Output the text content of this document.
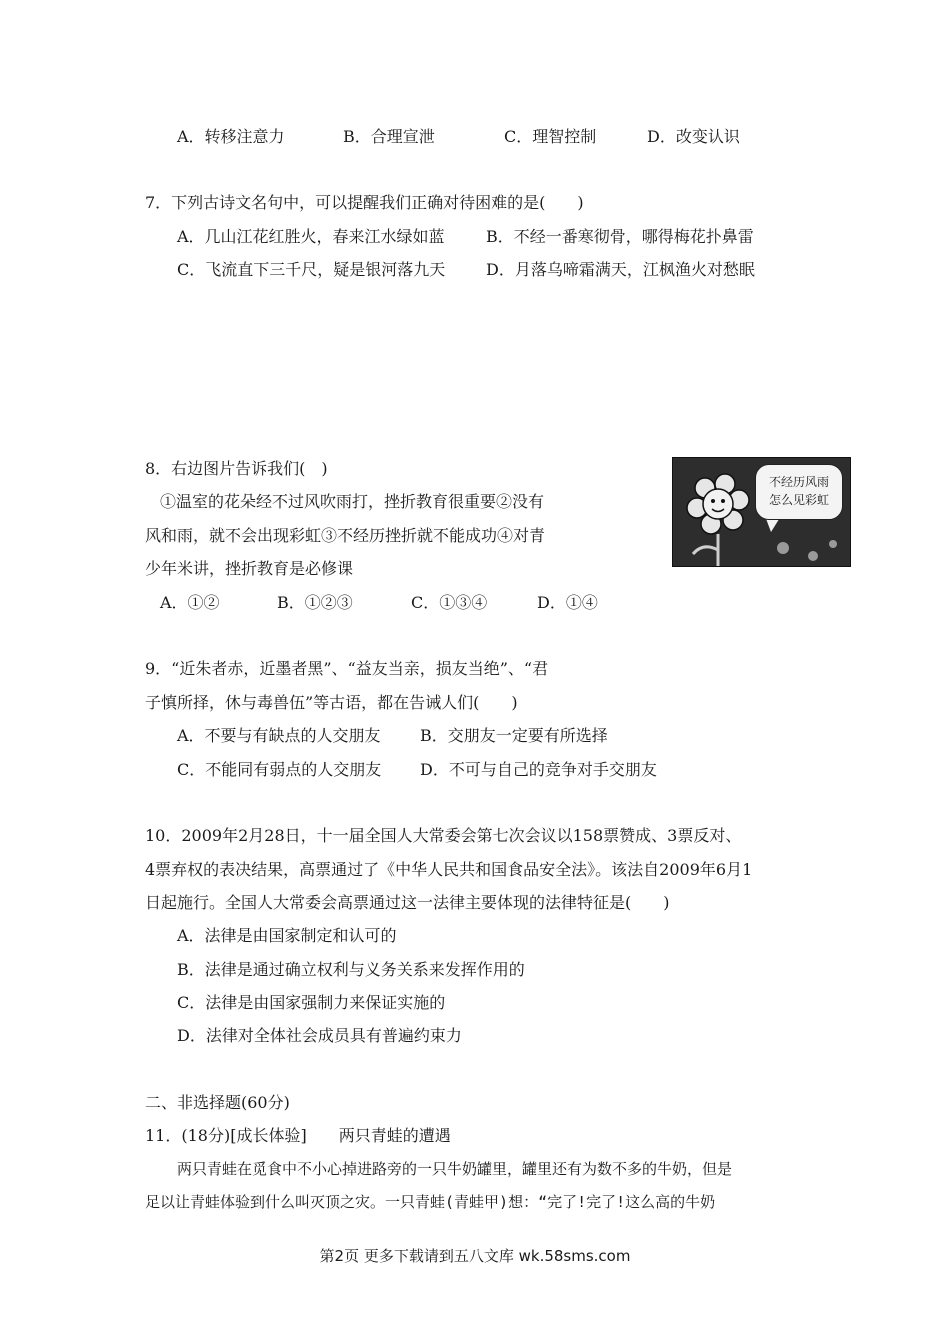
A．转移注意力	B．合理宣泄	C．理智控制	D．改变认识
7．下列古诗文名句中，可以提醒我们正确对待困难的是(　　)
A．几山江花红胜火，春来江水绿如蓝	B．不经一番寒彻骨，哪得梅花扑鼻雷
C．飞流直下三千尺，疑是银河落九天	D．月落乌啼霜满天，江枫渔火对愁眠
8．右边图片告诉我们(　)
①温室的花朵经不过风吹雨打，挫折教育很重要②没有
风和雨，就不会出现彩虹③不经历挫折就不能成功④对青
少年米讲，挫折教育是必修课
A．①②	B．①②③	C．①③④	D．①④
不经历风雨
怎么见彩虹
9．“近朱者赤，近墨者黑”、“益友当亲，损友当绝”、“君
子慎所择，休与毒兽伍”等古语，都在告诫人们(　　)
A．不要与有缺点的人交朋友 B．交朋友一定要有所选择
C．不能同有弱点的人交朋友 D．不可与自己的竞争对手交朋友
10．2009年2月28日，十一届全国人大常委会第七次会议以158票赞成、3票反对、
4票弃权的表决结果，高票通过了《中华人民共和国食品安全法》。该法自2009年6月1
日起施行。全国人大常委会高票通过这一法律主要体现的法律特征是(　　)
A．法律是由国家制定和认可的
B．法律是通过确立权利与义务关系来发挥作用的
C．法律是由国家强制力来保证实施的
D．法律对全体社会成员具有普遍约束力
二、非选择题(60分)
11．(18分)[成长体验]　　两只青蛙的遭遇
两只青蛙在觅食中不小心掉进路旁的一只牛奶罐里，罐里还有为数不多的牛奶，但是
足以让青蛙体验到什么叫灭顶之灾。一只青蛙(青蛙甲)想：“完了!完了!这么高的牛奶
第2页 更多下载请到五八文库 wk.58sms.com
